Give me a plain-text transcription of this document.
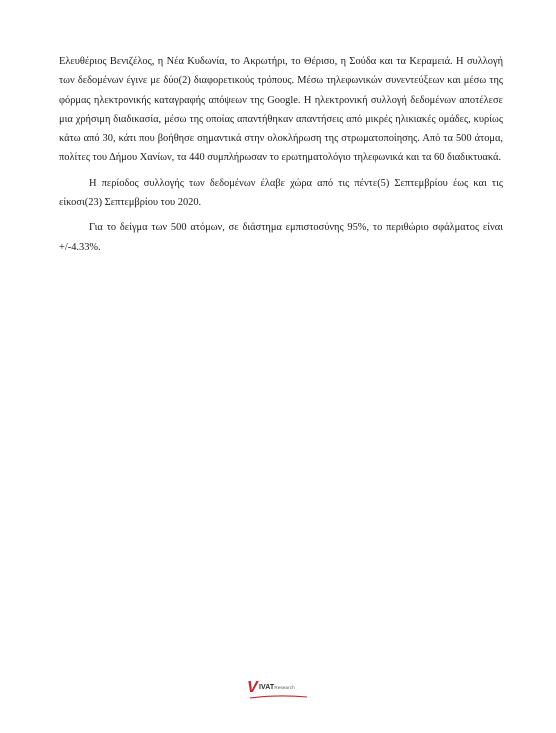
Ελευθέριος Βενιζέλος, η Νέα Κυδωνία, το Ακρωτήρι, το Θέρισο, η Σούδα και τα Κεραμειά. Η συλλογή των δεδομένων έγινε με δύο(2) διαφορετικούς τρόπους. Μέσω τηλεφωνικών συνεντεύξεων και μέσω της φόρμας ηλεκτρονικής καταγραφής απόψεων της Google. Η ηλεκτρονική συλλογή δεδομένων αποτέλεσε μια χρήσιμη διαδικασία, μέσω της οποίας απαντήθηκαν απαντήσεις από μικρές ηλικιακές ομάδες, κυρίως κάτω από 30, κάτι που βοήθησε σημαντικά στην ολοκλήρωση της στρωματοποίησης. Από τα 500 άτομα, πολίτες του Δήμου Χανίων, τα 440 συμπλήρωσαν το ερωτηματολόγιο τηλεφωνικά και τα 60 διαδικτυακά.

Η περίοδος συλλογής των δεδομένων έλαβε χώρα από τις πέντε(5) Σεπτεμβρίου έως και τις είκοσι(23) Σεπτεμβρίου του 2020.

Για το δείγμα των 500 ατόμων, σε διάστημα εμπιστοσύνης 95%, το περιθώριο σφάλματος είναι +/-4.33%.

V IVATResearch
